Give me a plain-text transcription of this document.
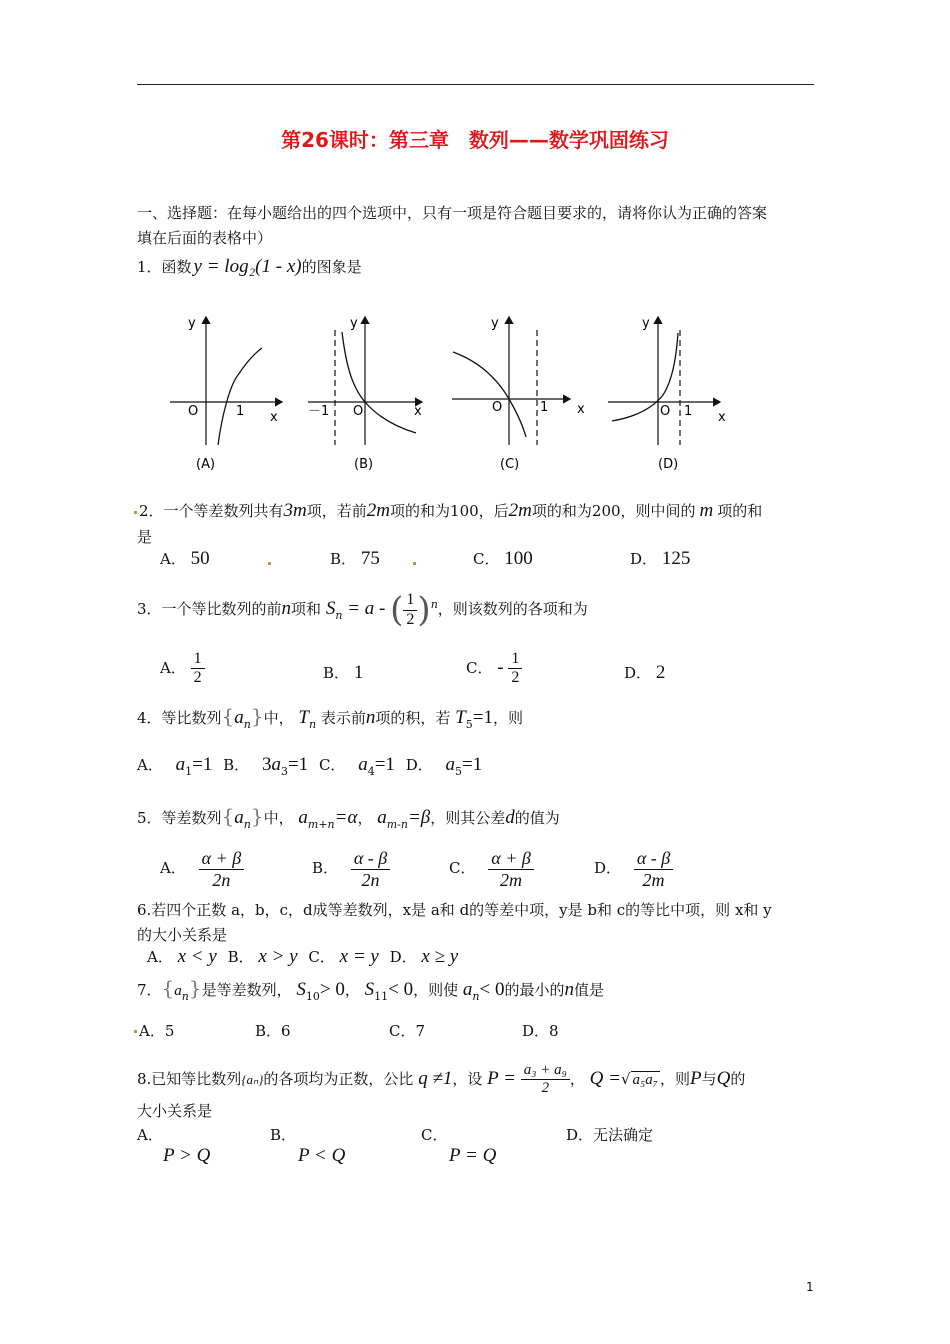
第26课时：第三章　数列——数学巩固练习
一、选择题：在每小题给出的四个选项中，只有一项是符合题目要求的，请将你认为正确的答案
填在后面的表格中）
1．函数 y = log₂(1 - x)的图象是
y
O	1 x
(A)
y
－1 O	x
(B)
y
O	1 x
(C)
y
O 1 x
(D)
2．一个等差数列共有3m项，若前2m项的和为100，后2m项的和为200，则中间的 m 项的和
是
A． 50	B． 75	C． 100	D． 125
3．一个等比数列的前n项和 $S_n = a$ - ( $\frac{1}{2} )^n$，则该数列的各项和为
A． $\frac{1}{2}$	B． 1	C． - $\frac{1}{2}$	D． 2
4．等比数列$\{a_n\}$中， $T_n$ 表示前n项的积，若 $T_5=1$，则
A． $a_1=1$ B． $3a_3=1$ C． $a_4=1$ D． $a_5=1$
5．等差数列$\{a_n\}$中， $a_{m+n}=\alpha$， $a_{m-n}=\beta$，则其公差d的值为
A． $\frac{\alpha + \beta}{2n}$	B． $\frac{\alpha - \beta}{2n}$	C． $\frac{\alpha + \beta}{2m}$	D． $\frac{\alpha - \beta}{2m}$
6.若四个正数 a，b，c，d成等差数列，x是 a和 d的等差中项，y是 b和 c的等比中项，则 x和 y
的大小关系是
A． x < y B． x > y C． x = y D． x ≥ y
7．$\{a_n\}$是等差数列， $S_{10}> 0$， $S_{11}< 0$，则使 $a_n< 0$的最小的n值是
A．5	B．6	C．7	D．8
8.已知等比数列{aₙ}的各项均为正数，公比 q ≠1，设 $P = \frac{\text{a₃ + a₉}}{2}$ ， Q =√ a₅a₇ ，则P与Q的
大小关系是
A．
P > Q
B．
P < Q
C．
P = Q
D．无法确定
1
